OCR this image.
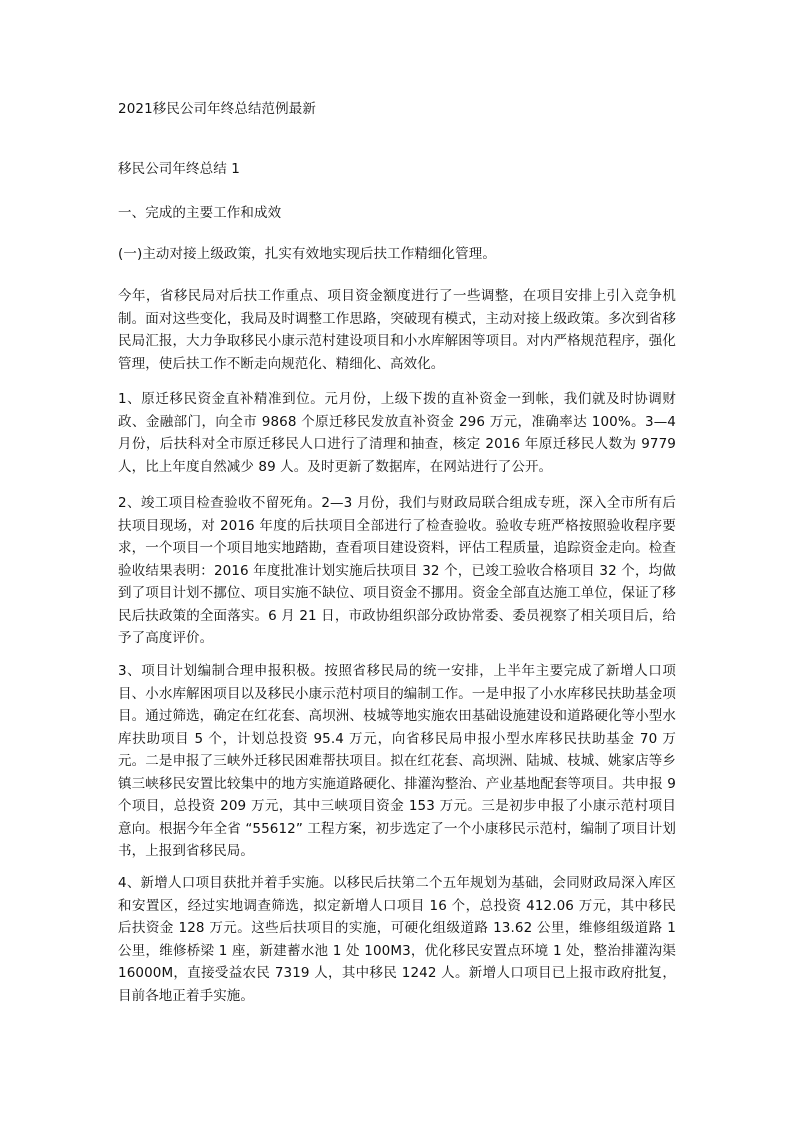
2021移民公司年终总结范例最新

移民公司年终总结 1

一、完成的主要工作和成效

(一)主动对接上级政策，扎实有效地实现后扶工作精细化管理。

今年，省移民局对后扶工作重点、项目资金额度进行了一些调整，在项目安排上引入竞争机制。面对这些变化，我局及时调整工作思路，突破现有模式，主动对接上级政策。多次到省移民局汇报，大力争取移民小康示范村建设项目和小水库解困等项目。对内严格规范程序，强化管理，使后扶工作不断走向规范化、精细化、高效化。

1、原迁移民资金直补精准到位。元月份，上级下拨的直补资金一到帐，我们就及时协调财政、金融部门，向全市 9868 个原迁移民发放直补资金 296 万元，准确率达 100%。3—4 月份，后扶科对全市原迁移民人口进行了清理和抽查，核定 2016 年原迁移民人数为 9779 人，比上年度自然减少 89 人。及时更新了数据库，在网站进行了公开。

2、竣工项目检查验收不留死角。2—3 月份，我们与财政局联合组成专班，深入全市所有后扶项目现场，对 2016 年度的后扶项目全部进行了检查验收。验收专班严格按照验收程序要求，一个项目一个项目地实地踏勘，查看项目建设资料，评估工程质量，追踪资金走向。检查验收结果表明：2016 年度批准计划实施后扶项目 32 个，已竣工验收合格项目 32 个，均做到了项目计划不挪位、项目实施不缺位、项目资金不挪用。资金全部直达施工单位，保证了移民后扶政策的全面落实。6 月 21 日，市政协组织部分政协常委、委员视察了相关项目后，给予了高度评价。

3、项目计划编制合理申报积极。按照省移民局的统一安排，上半年主要完成了新增人口项目、小水库解困项目以及移民小康示范村项目的编制工作。一是申报了小水库移民扶助基金项目。通过筛选，确定在红花套、高坝洲、枝城等地实施农田基础设施建设和道路硬化等小型水库扶助项目 5 个，计划总投资 95.4 万元，向省移民局申报小型水库移民扶助基金 70 万元。二是申报了三峡外迁移民困难帮扶项目。拟在红花套、高坝洲、陆城、枝城、姚家店等乡镇三峡移民安置比较集中的地方实施道路硬化、排灌沟整治、产业基地配套等项目。共申报 9 个项目，总投资 209 万元，其中三峡项目资金 153 万元。三是初步申报了小康示范村项目意向。根据今年全省 “55612” 工程方案，初步选定了一个小康移民示范村，编制了项目计划书，上报到省移民局。

4、新增人口项目获批并着手实施。以移民后扶第二个五年规划为基础，会同财政局深入库区和安置区，经过实地调查筛选，拟定新增人口项目 16 个，总投资 412.06 万元，其中移民后扶资金 128 万元。这些后扶项目的实施，可硬化组级道路 13.62 公里，维修组级道路 1 公里，维修桥梁 1 座，新建蓄水池 1 处 100M3，优化移民安置点环境 1 处，整治排灌沟渠 16000M，直接受益农民 7319 人，其中移民 1242 人。新增人口项目已上报市政府批复，目前各地正着手实施。
